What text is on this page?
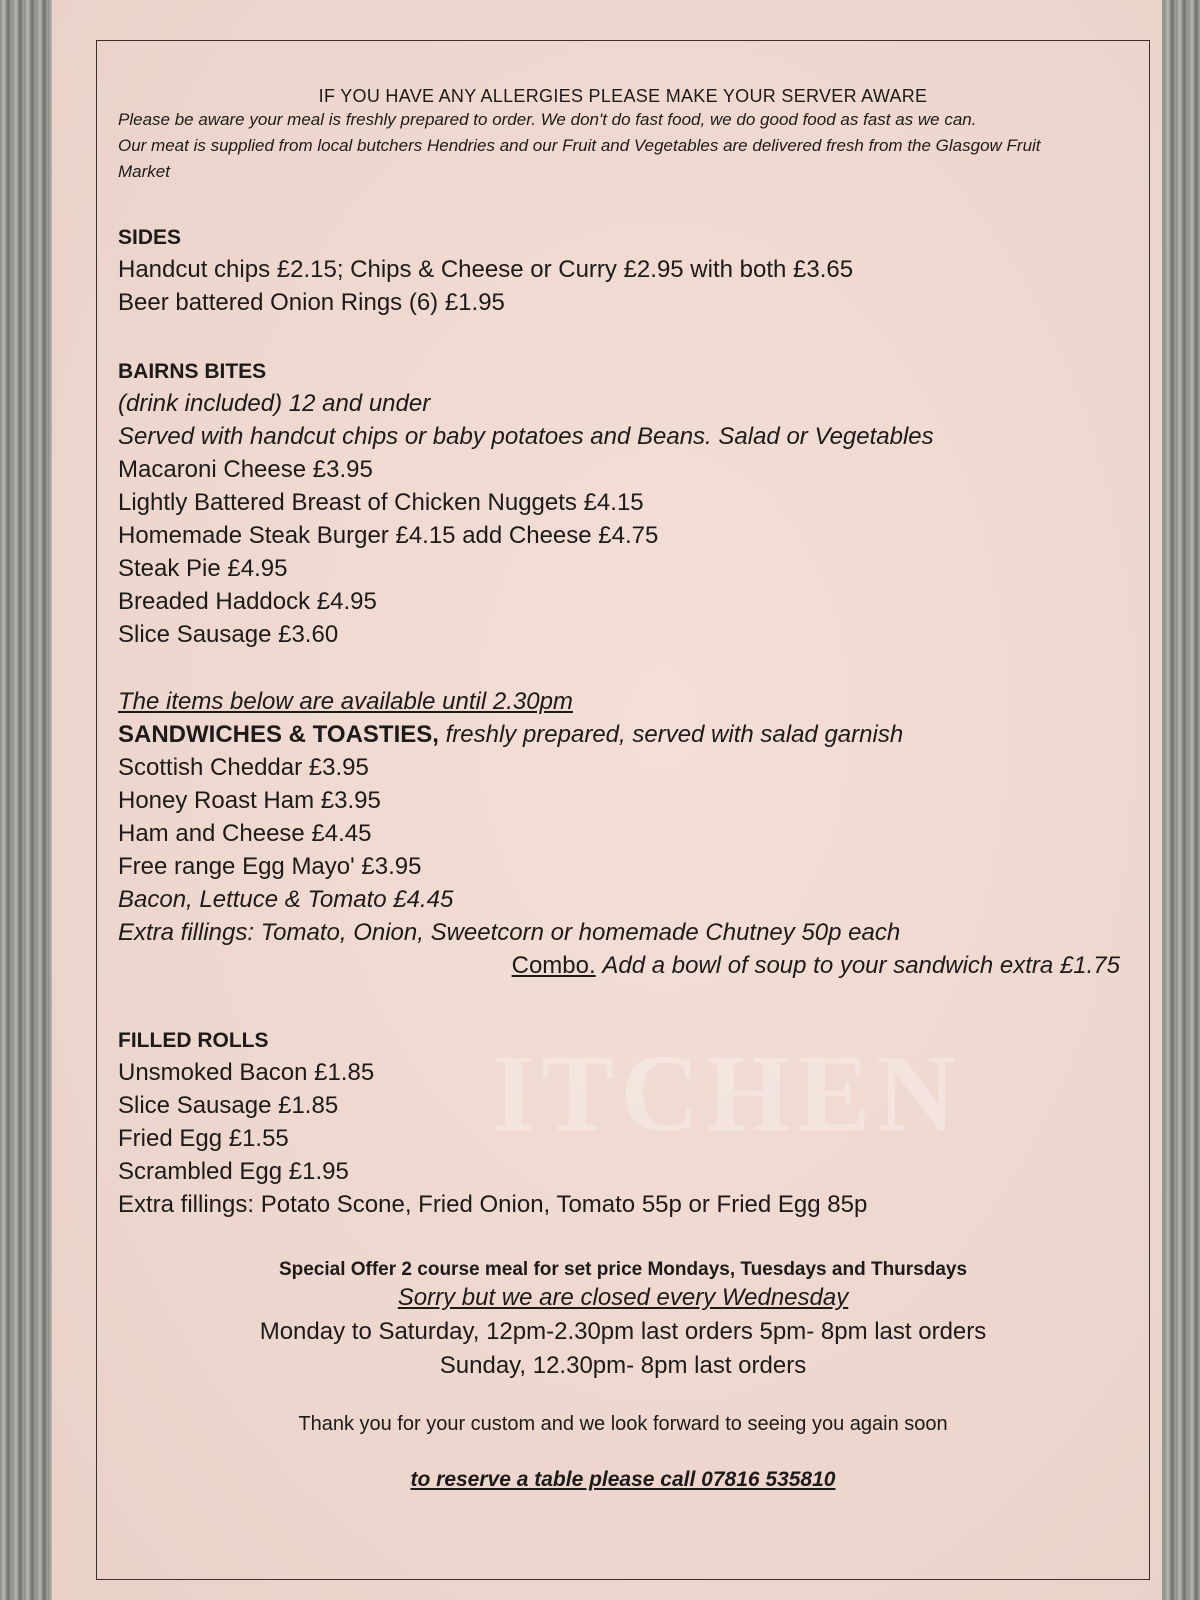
ITCHEN
IF YOU HAVE ANY ALLERGIES PLEASE MAKE YOUR SERVER AWARE
Please be aware your meal is freshly prepared to order. We don't do fast food, we do good food as fast as we can.
Our meat is supplied from local butchers Hendries and our Fruit and Vegetables are delivered fresh from the Glasgow Fruit Market
SIDES
Handcut chips £2.15; Chips & Cheese or Curry £2.95 with both £3.65
Beer battered Onion Rings (6) £1.95
BAIRNS BITES
(drink included) 12 and under
Served with handcut chips or baby potatoes and Beans. Salad or Vegetables
Macaroni Cheese £3.95
Lightly Battered Breast of Chicken Nuggets £4.15
Homemade Steak Burger £4.15 add Cheese £4.75
Steak Pie £4.95
Breaded Haddock £4.95
Slice Sausage £3.60
The items below are available until 2.30pm
SANDWICHES & TOASTIES, freshly prepared, served with salad garnish
Scottish Cheddar £3.95
Honey Roast Ham £3.95
Ham and Cheese £4.45
Free range Egg Mayo' £3.95
Bacon, Lettuce & Tomato £4.45
Extra fillings: Tomato, Onion, Sweetcorn or homemade Chutney 50p each
Combo. Add a bowl of soup to your sandwich extra £1.75
FILLED ROLLS
Unsmoked Bacon £1.85
Slice Sausage £1.85
Fried Egg £1.55
Scrambled Egg £1.95
Extra fillings: Potato Scone, Fried Onion, Tomato 55p or Fried Egg 85p
Special Offer 2 course meal for set price Mondays, Tuesdays and Thursdays
Sorry but we are closed every Wednesday
Monday to Saturday, 12pm-2.30pm last orders 5pm- 8pm last orders
Sunday, 12.30pm- 8pm last orders
Thank you for your custom and we look forward to seeing you again soon
to reserve a table please call 07816 535810
